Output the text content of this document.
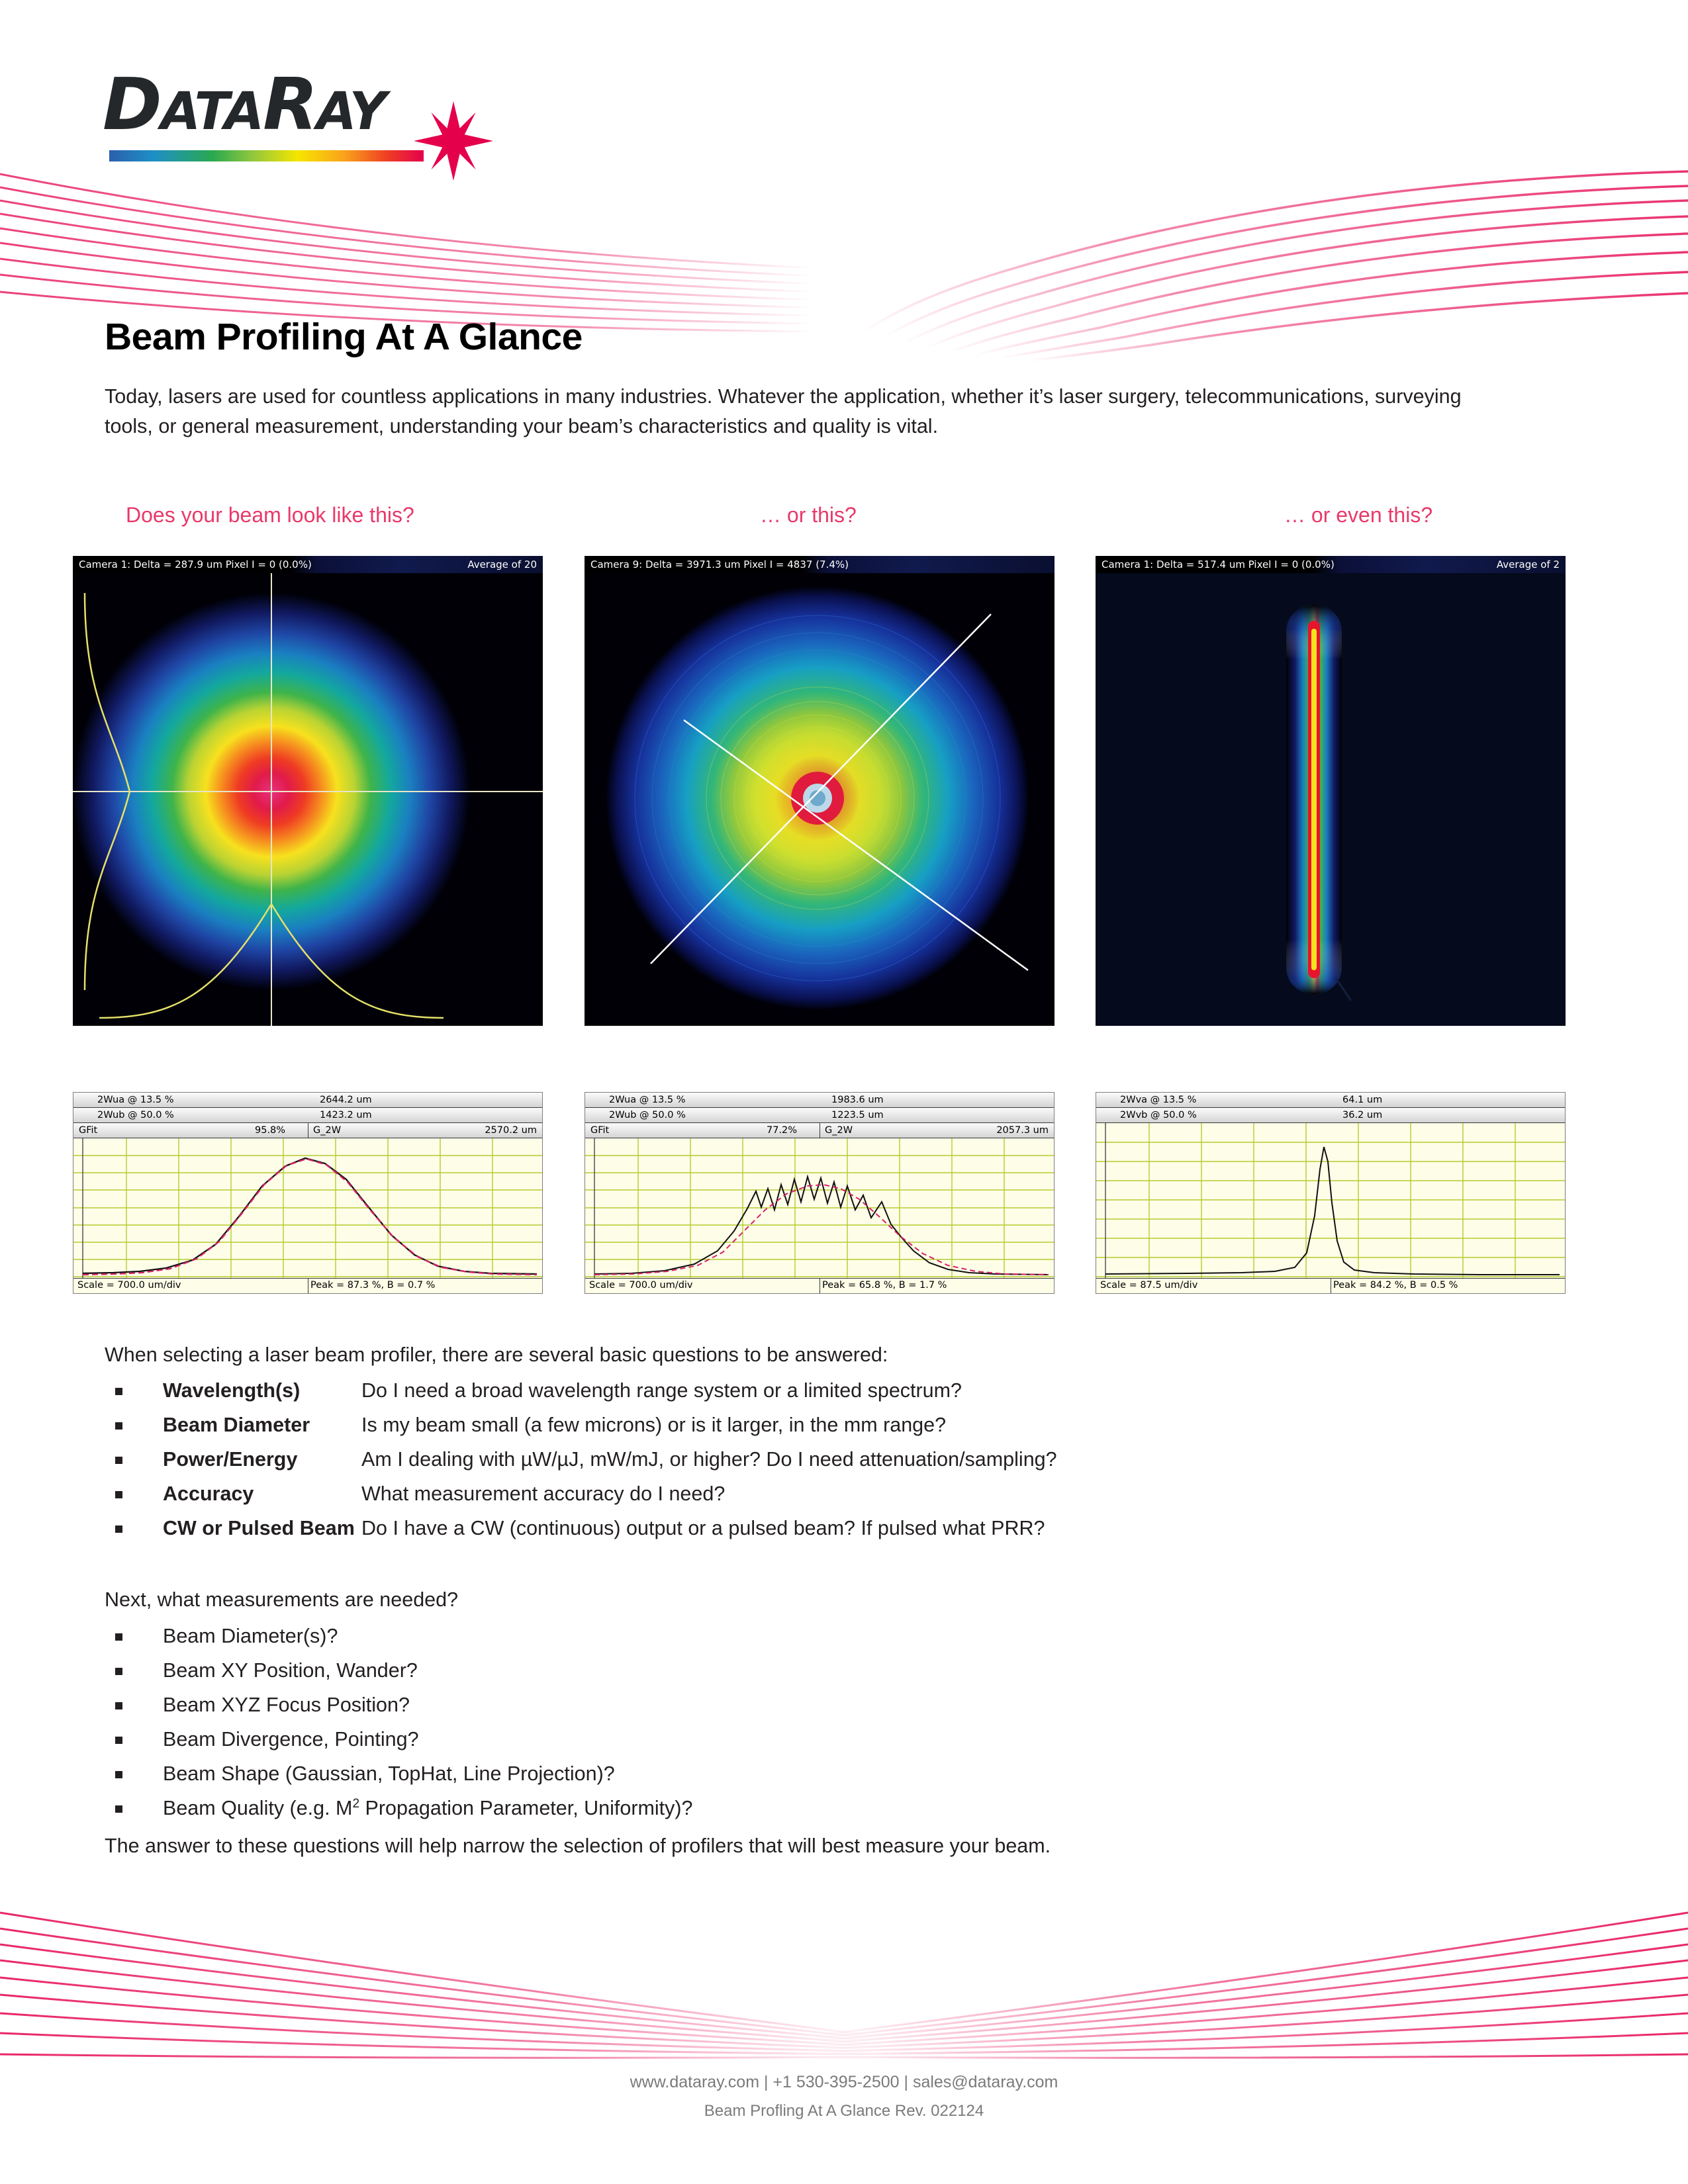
DATARAY
Beam Profiling At A Glance

Today, lasers are used for countless applications in many industries. Whatever the application, whether it’s laser surgery, telecommunications, surveying tools, or general measurement, understanding your beam’s characteristics and quality is vital.

Does your beam look like this?	… or this?	… or even this?
Camera 1: Delta = 287.9 um Pixel I = 0 (0.0%)	Average of 20	Camera 9: Delta = 3971.3 um Pixel I = 4837 (7.4%)	Camera 1: Delta = 517.4 um Pixel I = 0 (0.0%)	Average of 2
2Wua @ 13.5 %	2644.2 um
2Wub @ 50.0 %	1423.2 um
GFit	95.8%	G_2W	2570.2 um
Scale = 700.0 um/div	Peak = 87.3 %, B = 0.7 %
2Wua @ 13.5 %	1983.6 um
2Wub @ 50.0 %	1223.5 um
GFit	77.2%	G_2W	2057.3 um
Scale = 700.0 um/div	Peak = 65.8 %, B = 1.7 %
2Wva @ 13.5 %	64.1 um
2Wvb @ 50.0 %	36.2 um
Scale = 87.5 um/div	Peak = 84.2 %, B = 0.5 %
When selecting a laser beam profiler, there are several basic questions to be answered:
Wavelength(s)	Do I need a broad wavelength range system or a limited spectrum?
Beam Diameter	Is my beam small (a few microns) or is it larger, in the mm range?
Power/Energy	Am I dealing with µW/µJ, mW/mJ, or higher? Do I need attenuation/sampling?
Accuracy	What measurement accuracy do I need?
CW or Pulsed Beam Do I have a CW (continuous) output or a pulsed beam? If pulsed what PRR?
Next, what measurements are needed?
Beam Diameter(s)?
Beam XY Position, Wander?
Beam XYZ Focus Position?
Beam Divergence, Pointing?
Beam Shape (Gaussian, TopHat, Line Projection)?
Beam Quality (e.g. $M^2$ Propagation Parameter, Uniformity)?
The answer to these questions will help narrow the selection of profilers that will best measure your beam.
www.dataray.com | +1 530-395-2500 | sales@dataray.com
Beam Profling At A Glance Rev. 022124
